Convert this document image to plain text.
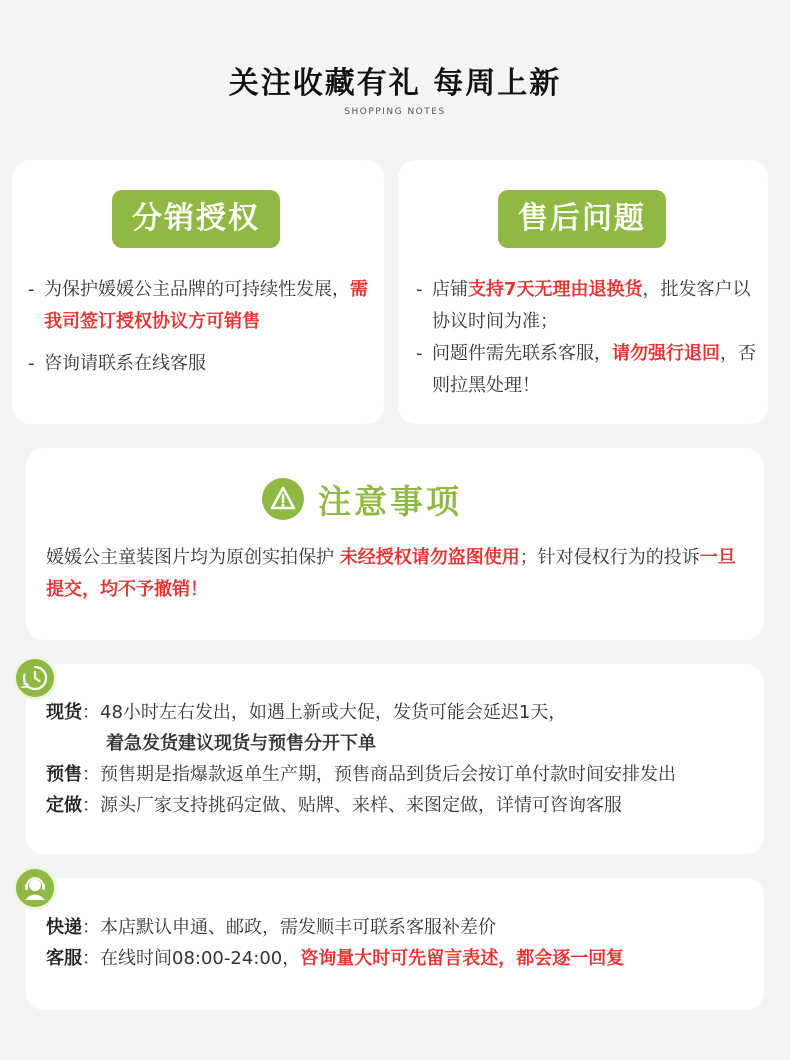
关注收藏有礼 每周上新
SHOPPING NOTES
分销授权
- 为保护媛媛公主品牌的可持续性发展，需我司签订授权协议方可销售
- 咨询请联系在线客服
售后问题
- 店铺支持7天无理由退换货，批发客户以协议时间为准；
- 问题件需先联系客服，请勿强行退回，否则拉黑处理！
注意事项
媛媛公主童装图片均为原创实拍保护 未经授权请勿盗图使用；针对侵权行为的投诉一旦提交，均不予撤销！
现货：48小时左右发出，如遇上新或大促，发货可能会延迟1天，
着急发货建议现货与预售分开下单
预售：预售期是指爆款返单生产期，预售商品到货后会按订单付款时间安排发出
定做：源头厂家支持挑码定做、贴牌、来样、来图定做，详情可咨询客服
快递：本店默认申通、邮政，需发顺丰可联系客服补差价
客服：在线时间08:00-24:00，咨询量大时可先留言表述，都会逐一回复
